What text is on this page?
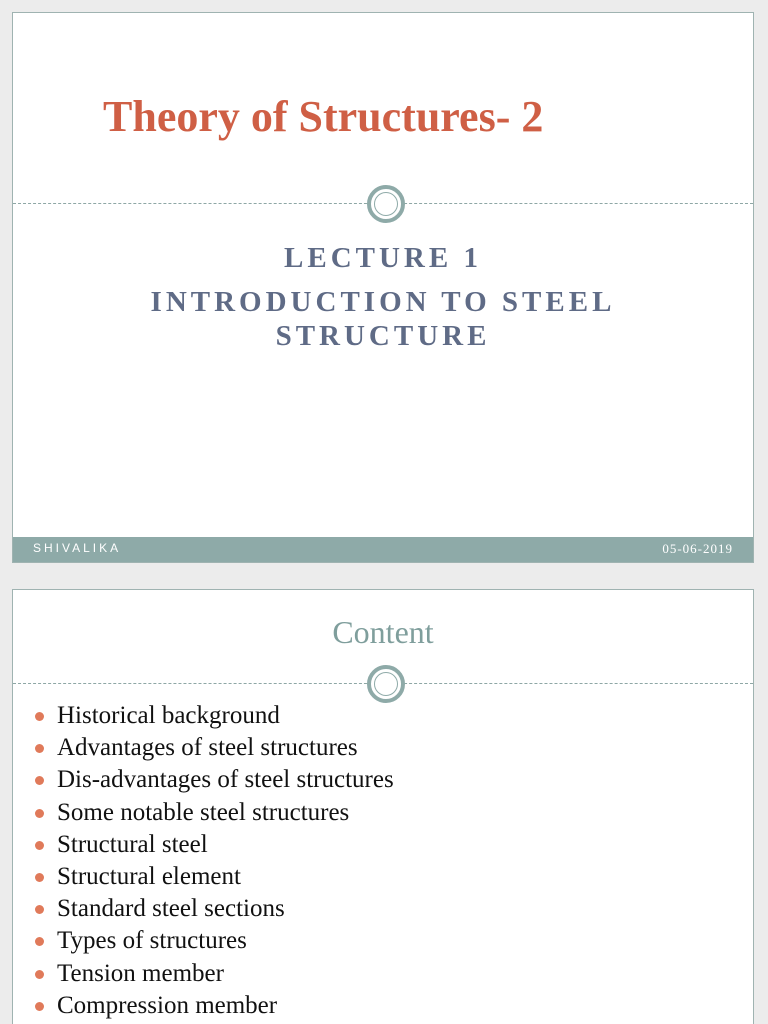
Theory of Structures- 2

LECTURE 1

INTRODUCTION TO STEEL

STRUCTURE

SHIVALIKA	05-06-2019
Content
Historical background
Advantages of steel structures
Dis-advantages of steel structures
Some notable steel structures
Structural steel
Structural element
Standard steel sections
Types of structures
Tension member
Compression member
